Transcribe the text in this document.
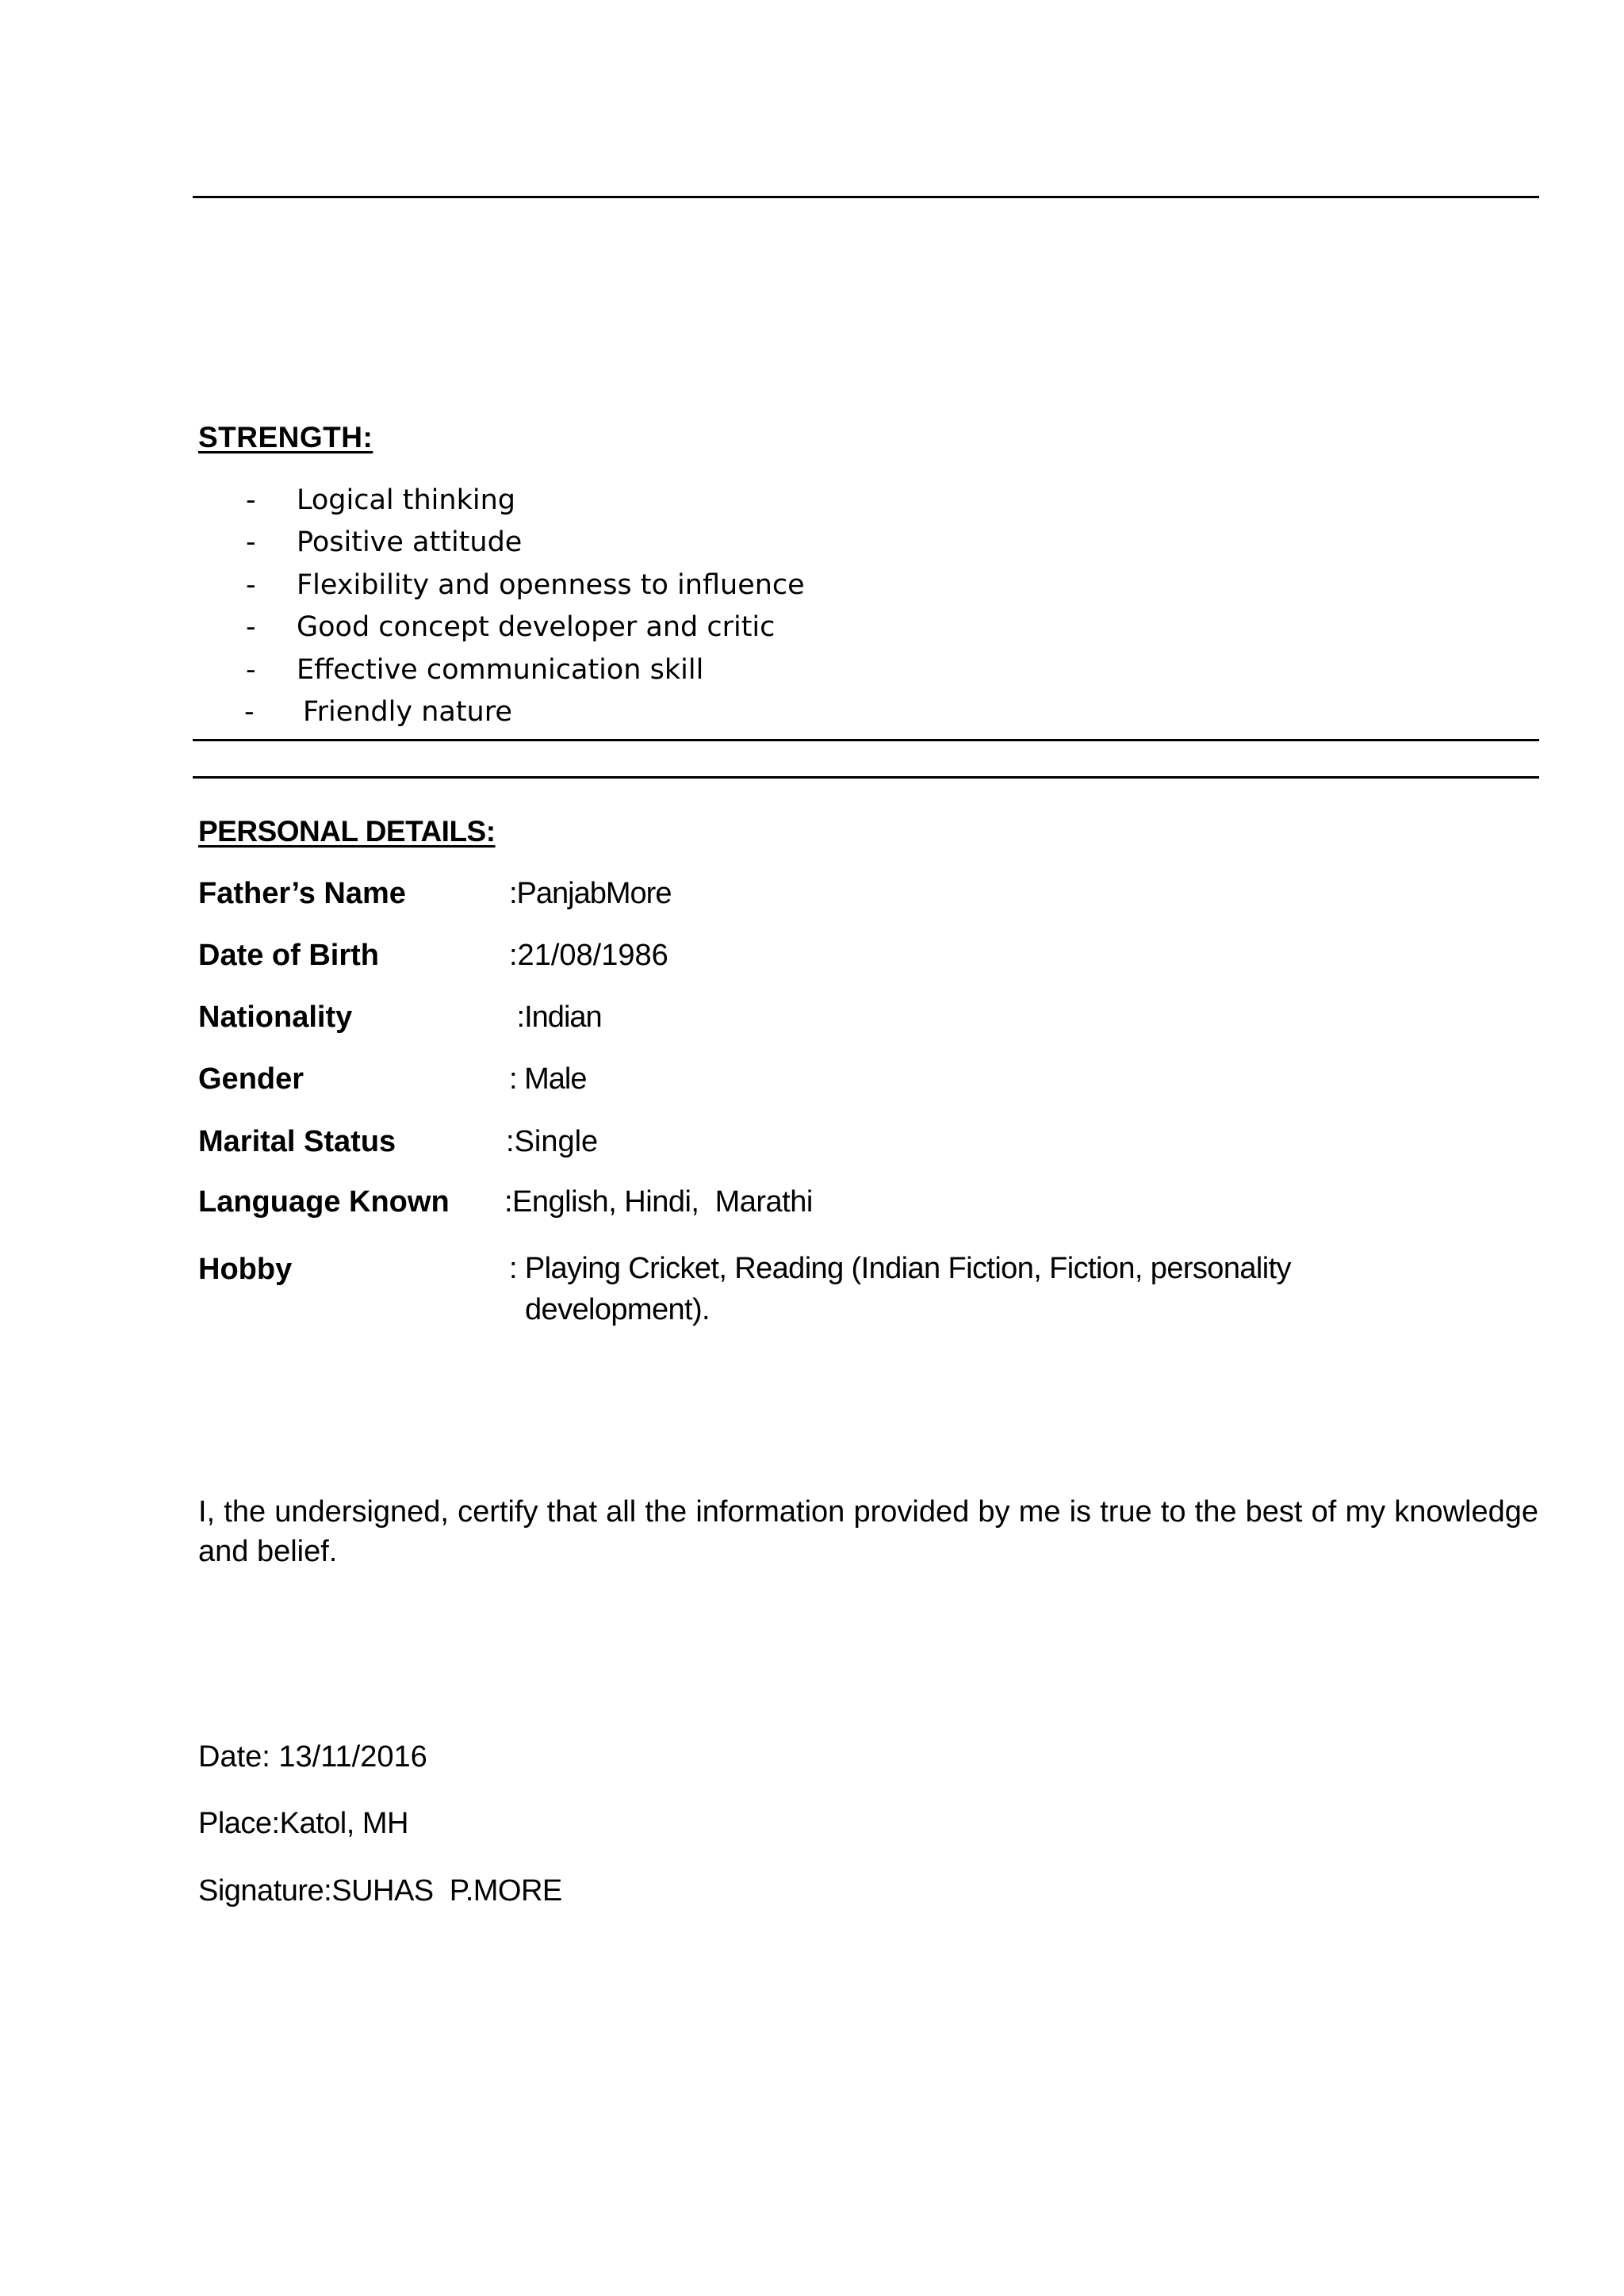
STRENGTH:
-	Logical thinking
-	Positive attitude
-	Flexibility and openness to influence
-	Good concept developer and critic
-	Effective communication skill
-	Friendly nature
PERSONAL DETAILS:
Father’s Name	:PanjabMore
Date of Birth	:21/08/1986
Nationality	:Indian
Gender	: Male
Marital Status	:Single
Language Known :English, Hindi,  Marathi
Hobby	: Playing Cricket, Reading (Indian Fiction, Fiction, personality
development).
I, the undersigned, certify that all the information provided by me is true to the best of my knowledge and belief.
Date: 13/11/2016
Place:Katol, MH
Signature:SUHAS  P.MORE
